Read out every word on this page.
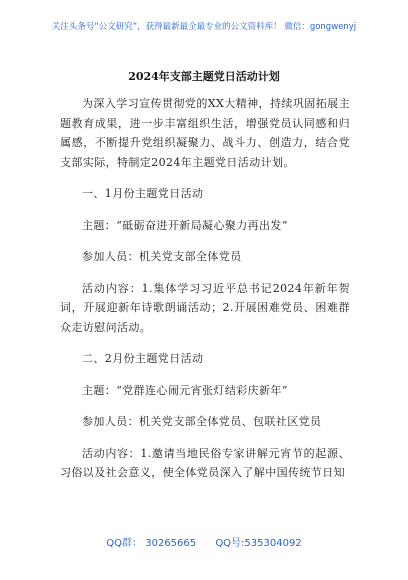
关注头条号“公文研究”，获得最新最全最专业的公文资料库！ 微信：gongwenyj
2024年支部主题党日活动计划

为深入学习宣传贯彻党的XX大精神，持续巩固拓展主题教育成果，进一步丰富组织生活，增强党员认同感和归属感，不断提升党组织凝聚力、战斗力、创造力，结合党支部实际，特制定2024年主题党日活动计划。

一、1月份主题党日活动

主题：“砥砺奋进开新局凝心聚力再出发”

参加人员：机关党支部全体党员

活动内容：1.集体学习习近平总书记2024年新年贺词，开展迎新年诗歌朗诵活动；2.开展困难党员、困难群众走访慰问活动。

二、2月份主题党日活动

主题：“党群连心闹元宵张灯结彩庆新年”

参加人员：机关党支部全体党员、包联社区党员

活动内容：1.邀请当地民俗专家讲解元宵节的起源、习俗以及社会意义，使全体党员深入了解中国传统节日知

QQ群： 30265665 QQ号:535304092
